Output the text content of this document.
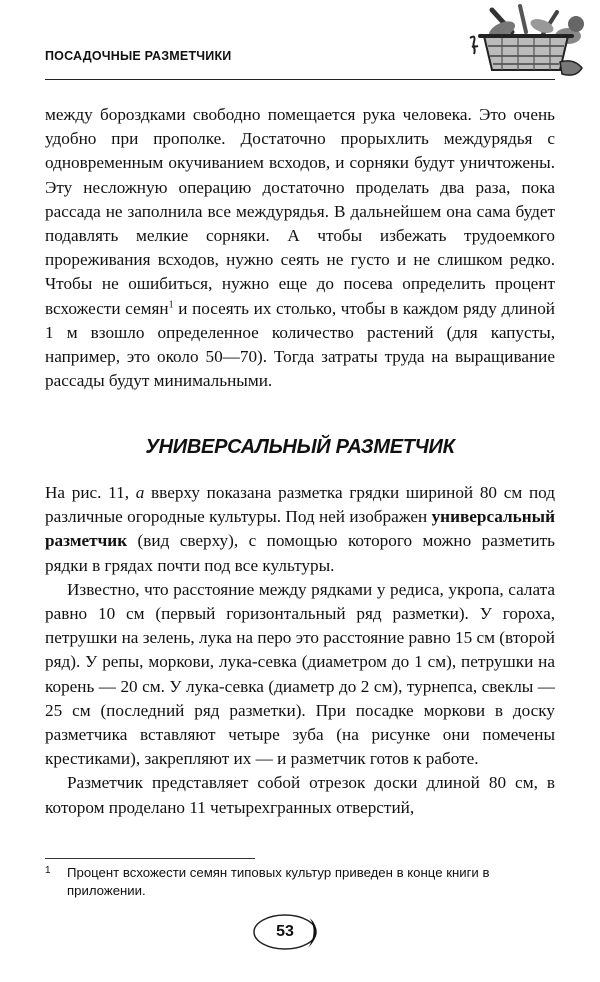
ПОСАДОЧНЫЕ РАЗМЕТЧИКИ

между бороздками свободно помещается рука человека. Это очень удобно при прополке. Достаточно прорыхлить междурядья с одновременным окучиванием всходов, и сорняки будут уничтожены. Эту несложную операцию достаточно проделать два раза, пока рассада не заполнила все междурядья. В дальнейшем она сама будет подавлять мелкие сорняки. А чтобы избежать трудоемкого прореживания всходов, нужно сеять не густо и не слишком редко. Чтобы не ошибиться, нужно еще до посева определить процент всхожести семян$^1$ и посеять их столько, чтобы в каждом ряду длиной 1 м взошло определенное количество растений (для капусты, например, это около 50—70). Тогда затраты труда на выращивание рассады будут минимальными.

УНИВЕРСАЛЬНЫЙ РАЗМЕТЧИК

На рис. 11, а вверху показана разметка грядки шириной 80 см под различные огородные культуры. Под ней изображен универсальный разметчик (вид сверху), с помощью которого можно разметить рядки в грядах почти под все культуры.

Известно, что расстояние между рядками у редиса, укропа, салата равно 10 см (первый горизонтальный ряд разметки). У гороха, петрушки на зелень, лука на перо это расстояние равно 15 см (второй ряд). У репы, моркови, лука-севка (диаметром до 1 см), петрушки на корень — 20 см. У лука-севка (диаметр до 2 см), турнепса, свеклы — 25 см (последний ряд разметки). При посадке моркови в доску разметчика вставляют четыре зуба (на рисунке они помечены крестиками), закрепляют их — и разметчик готов к работе.

Разметчик представляет собой отрезок доски длиной 80 см, в котором проделано 11 четырехгранных отверстий,

1	Процент всхожести семян типовых культур приведен в конце книги в приложении.
53
